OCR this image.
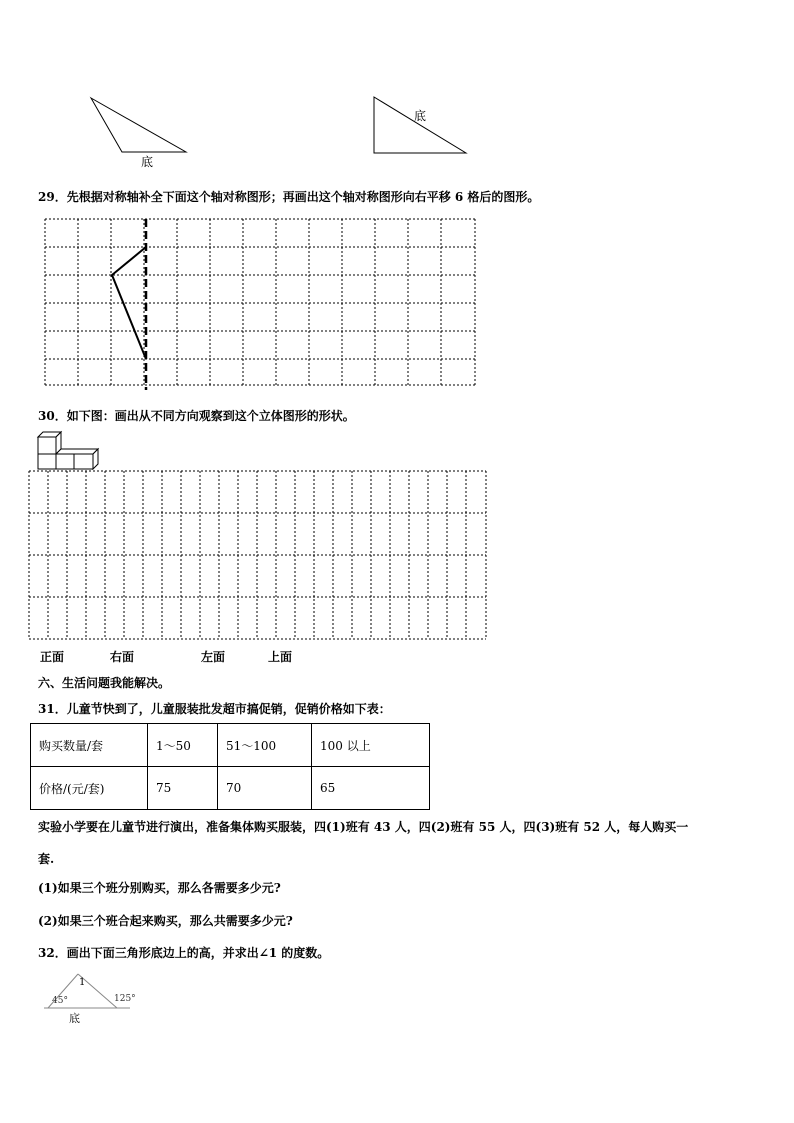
底
底
29．先根据对称轴补全下面这个轴对称图形；再画出这个轴对称图形向右平移 6 格后的图形。
30．如下图：画出从不同方向观察到这个立体图形的形状。
正面	右面	左面	上面
六、生活问题我能解决。
31．儿童节快到了，儿童服装批发超市搞促销，促销价格如下表：
购买数量/套	1～50	51～100	100 以上
价格/(元/套)	75	70	65
实验小学要在儿童节进行演出，准备集体购买服装，四(1)班有 43 人，四(2)班有 55 人，四(3)班有 52 人，每人购买一
套.
(1)如果三个班分别购买，那么各需要多少元?
(2)如果三个班合起来购买，那么共需要多少元?
32．画出下面三角形底边上的高，并求出∠1 的度数。
1
45°	125°
底
